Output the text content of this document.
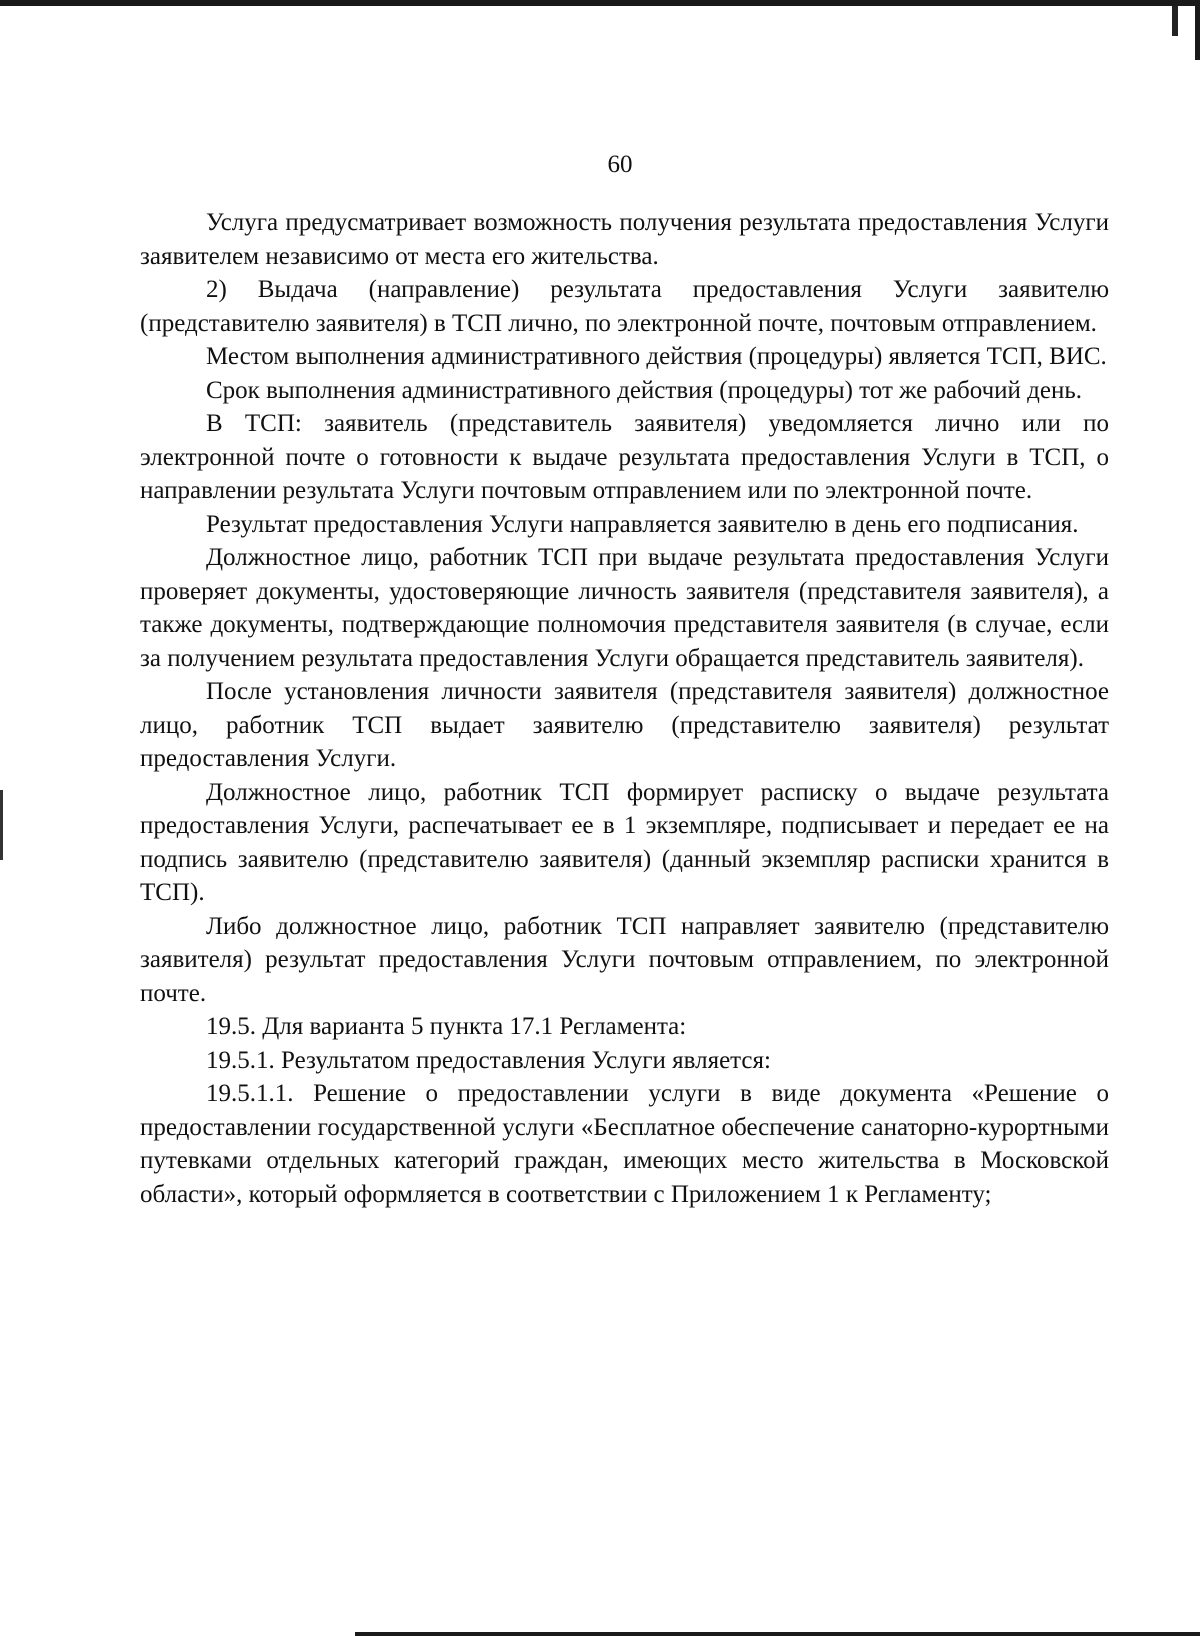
60

Услуга предусматривает возможность получения результата предоставления Услуги заявителем независимо от места его жительства.

2) Выдача (направление) результата предоставления Услуги заявителю (представителю заявителя) в ТСП лично, по электронной почте, почтовым отправлением.

Местом выполнения административного действия (процедуры) является ТСП, ВИС.

Срок выполнения административного действия (процедуры) тот же рабочий день.

В ТСП: заявитель (представитель заявителя) уведомляется лично или по электронной почте о готовности к выдаче результата предоставления Услуги в ТСП, о направлении результата Услуги почтовым отправлением или по электронной почте.

Результат предоставления Услуги направляется заявителю в день его подписания.

Должностное лицо, работник ТСП при выдаче результата предоставления Услуги проверяет документы, удостоверяющие личность заявителя (представителя заявителя), а также документы, подтверждающие полномочия представителя заявителя (в случае, если за получением результата предоставления Услуги обращается представитель заявителя).

После установления личности заявителя (представителя заявителя) должностное лицо, работник ТСП выдает заявителю (представителю заявителя) результат предоставления Услуги.

Должностное лицо, работник ТСП формирует расписку о выдаче результата предоставления Услуги, распечатывает ее в 1 экземпляре, подписывает и передает ее на подпись заявителю (представителю заявителя) (данный экземпляр расписки хранится в ТСП).

Либо должностное лицо, работник ТСП направляет заявителю (представителю заявителя) результат предоставления Услуги почтовым отправлением, по электронной почте.

19.5. Для варианта 5 пункта 17.1 Регламента:

19.5.1. Результатом предоставления Услуги является:

19.5.1.1. Решение о предоставлении услуги в виде документа «Решение о предоставлении государственной услуги «Бесплатное обеспечение санаторно-курортными путевками отдельных категорий граждан, имеющих место жительства в Московской области», который оформляется в соответствии с Приложением 1 к Регламенту;
